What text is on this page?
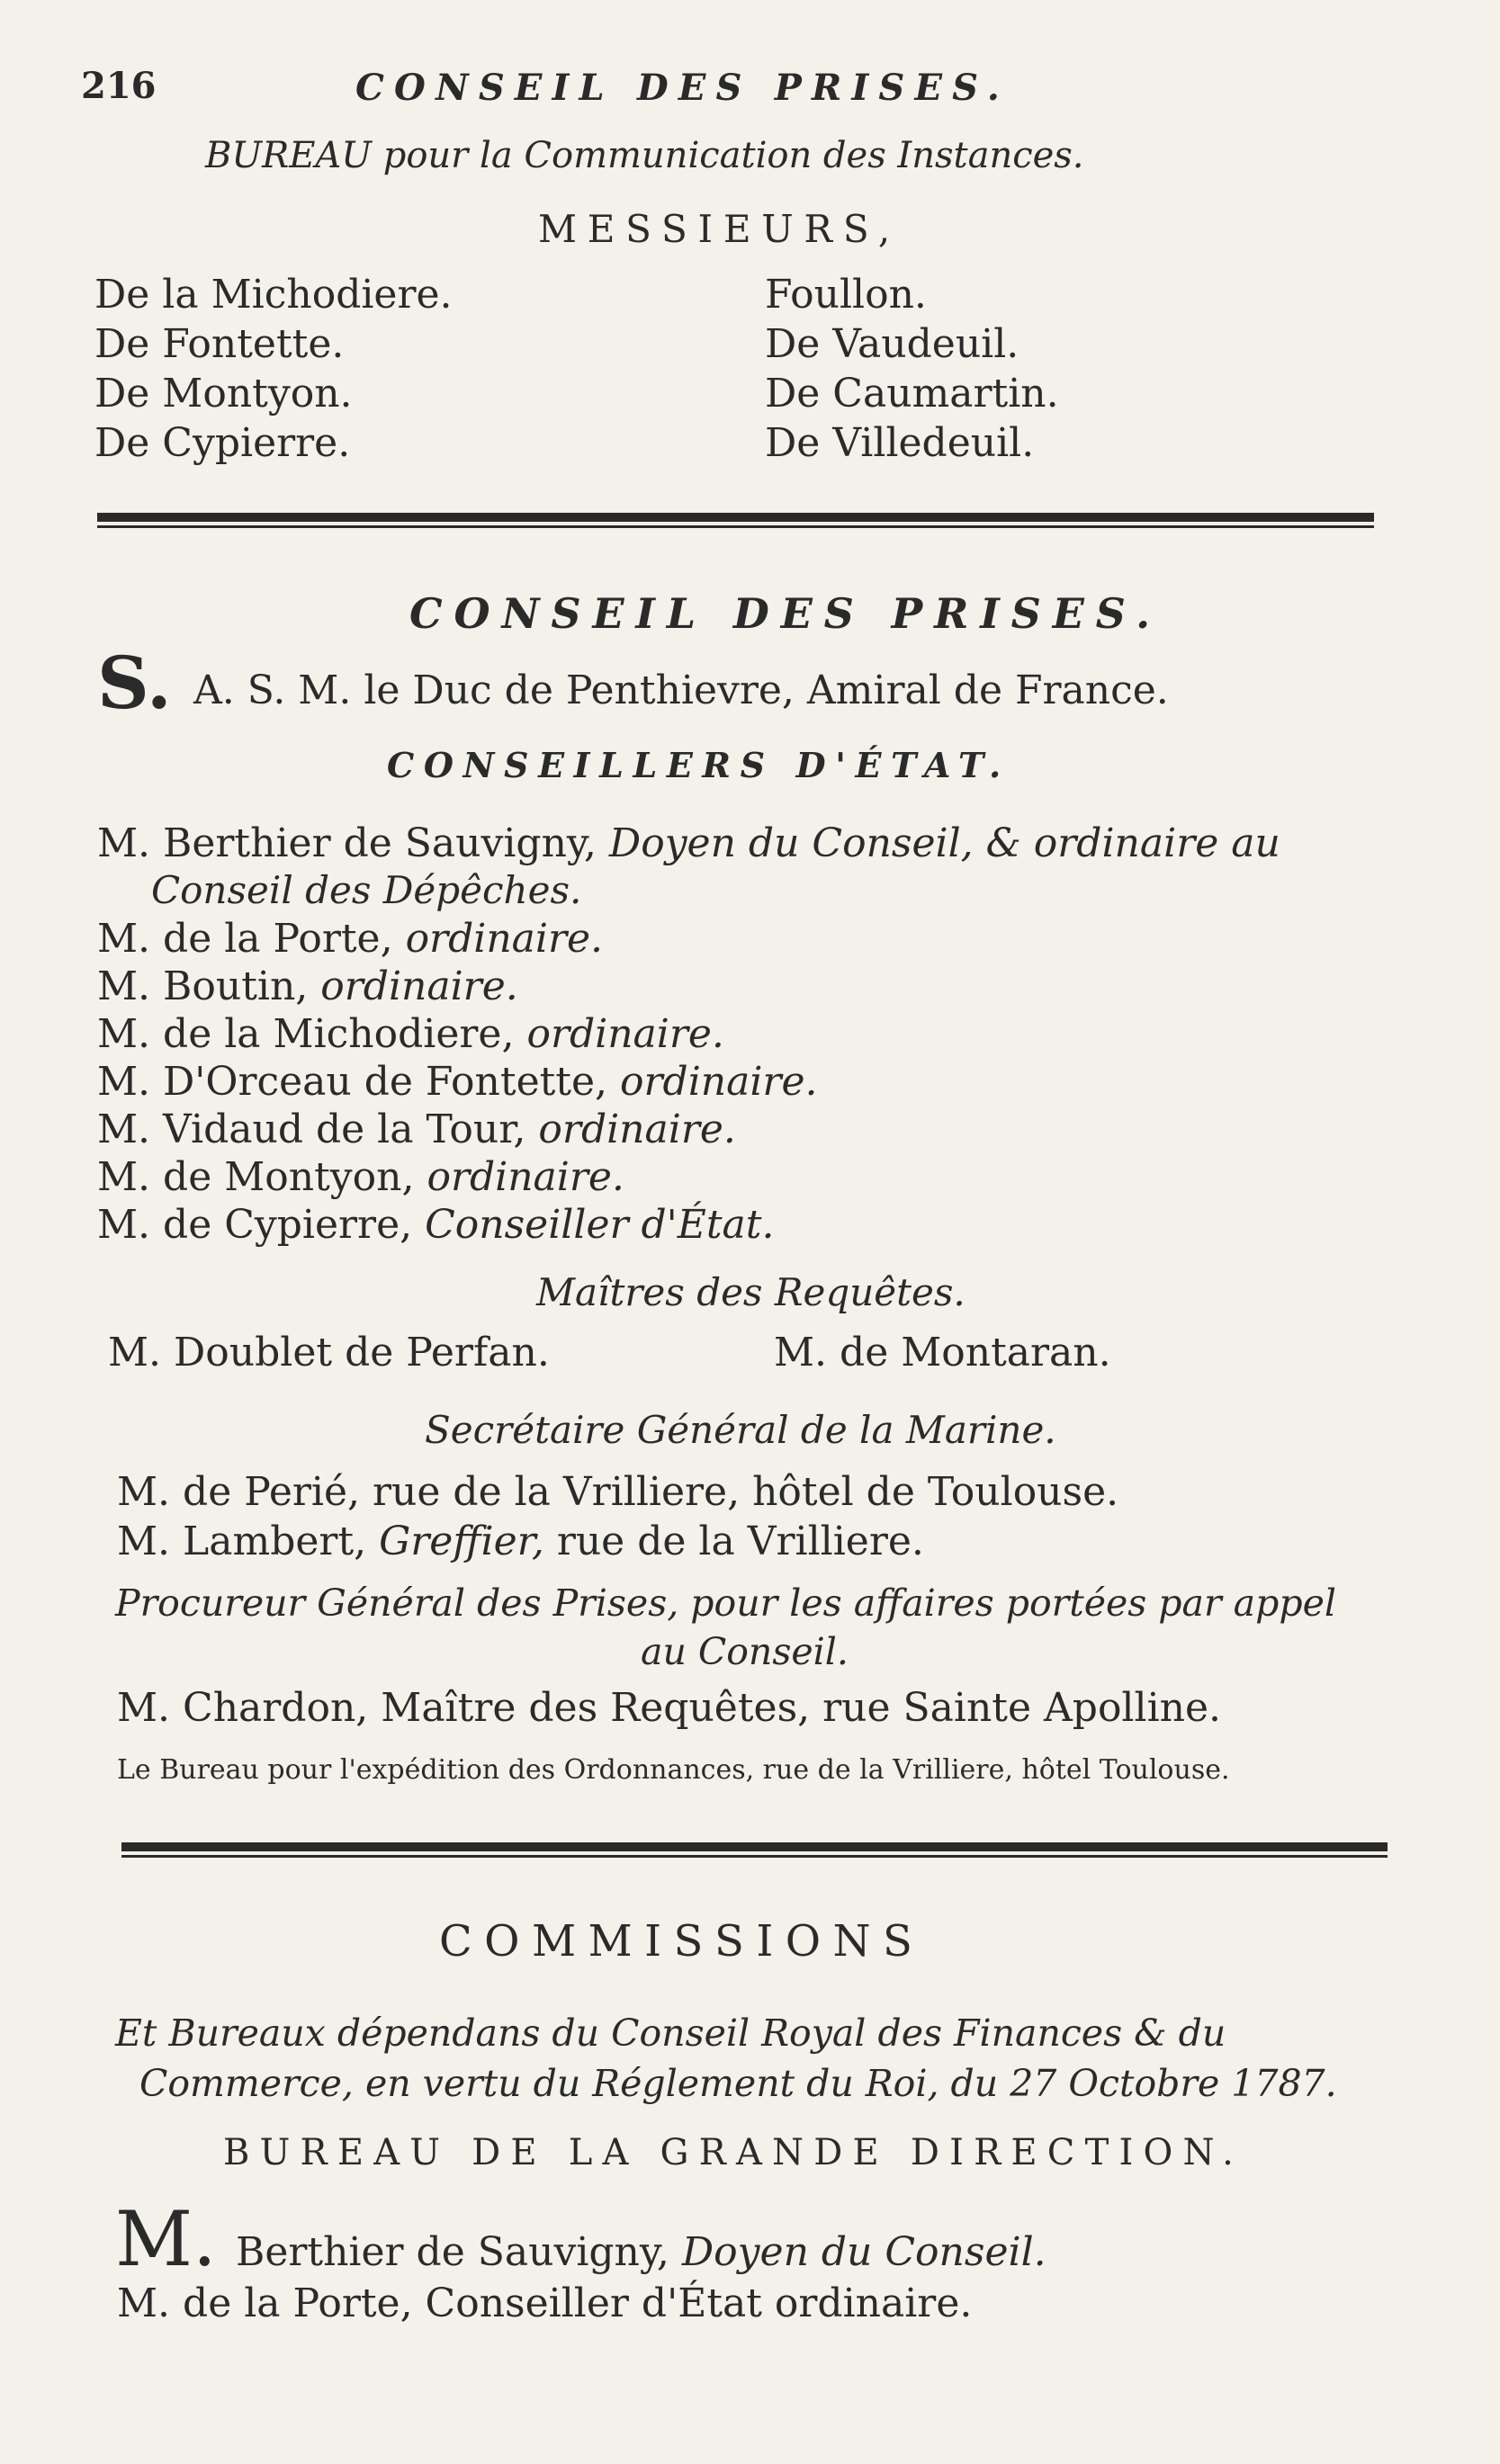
216	CONSEIL DES PRISES.
BUREAU pour la Communication des Instances.
MESSIEURS,
De la Michodiere.
De Fontette.
De Montyon.
De Cypierre.
Foullon.
De Vaudeuil.
De Caumartin.
De Villedeuil.
CONSEIL DES PRISES.
S. A. S. M. le Duc de Penthievre, Amiral de France.
CONSEILLERS D'ÉTAT.
M. Berthier de Sauvigny, Doyen du Conseil, & ordinaire au
Conseil des Dépêches.
M. de la Porte, ordinaire.
M. Boutin, ordinaire.
M. de la Michodiere, ordinaire.
M. D'Orceau de Fontette, ordinaire.
M. Vidaud de la Tour, ordinaire.
M. de Montyon, ordinaire.
M. de Cypierre, Conseiller d'État.
Maîtres des Requêtes.
M. Doublet de Perfan.	M. de Montaran.
Secrétaire Général de la Marine.
M. de Perié, rue de la Vrilliere, hôtel de Toulouse.
M. Lambert, Greffier, rue de la Vrilliere.
Procureur Général des Prises, pour les affaires portées par appel
au Conseil.
M. Chardon, Maître des Requêtes, rue Sainte Apolline.
Le Bureau pour l'expédition des Ordonnances, rue de la Vrilliere, hôtel Toulouse.
COMMISSIONS
Et Bureaux dépendans du Conseil Royal des Finances & du
Commerce, en vertu du Réglement du Roi, du 27 Octobre 1787.
BUREAU DE LA GRANDE DIRECTION.
M. Berthier de Sauvigny, Doyen du Conseil.
M. de la Porte, Conseiller d'État ordinaire.
